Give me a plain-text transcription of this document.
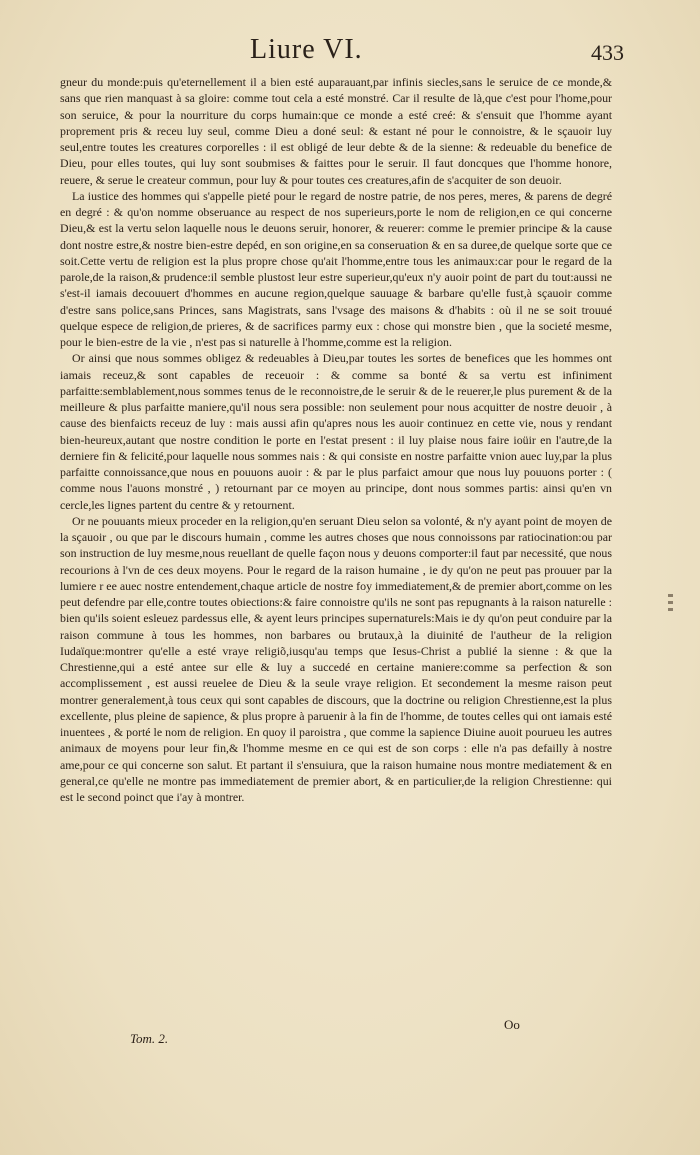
Liure VI.	433

gneur du monde:puis qu'eternellement il a bien esté auparauant,par infinis siecles,sans le seruice de ce monde,& sans que rien manquast à sa gloire: comme tout cela a esté monstré. Car il resulte de là,que c'est pour l'home,pour son seruice, & pour la nourriture du corps humain:que ce monde a esté creé: & s'ensuit que l'homme ayant proprement pris & receu luy seul, comme Dieu a doné seul: & estant né pour le connoistre, & le sçauoir luy seul,entre toutes les creatures corporelles : il est obligé de leur debte & de la sienne: & redeuable du benefice de Dieu, pour elles toutes, qui luy sont soubmises & faittes pour le seruir. Il faut doncques que l'homme honore, reuere, & serue le createur commun, pour luy & pour toutes ces creatures,afin de s'acquiter de son deuoir.

La iustice des hommes qui s'appelle pieté pour le regard de nostre patrie, de nos peres, meres, & parens de degré en degré : & qu'on nomme obseruance au respect de nos superieurs,porte le nom de religion,en ce qui concerne Dieu,& est la vertu selon laquelle nous le deuons seruir, honorer, & reuerer: comme le premier principe & la cause dont nostre estre,& nostre bien-estre depéd, en son origine,en sa conseruation & en sa duree,de quelque sorte que ce soit.Cette vertu de religion est la plus propre chose qu'ait l'homme,entre tous les animaux:car pour le regard de la parole,de la raison,& prudence:il semble plustost leur estre superieur,qu'eux n'y auoir point de part du tout:aussi ne s'est-il iamais decouuert d'hommes en aucune region,quelque sauuage & barbare qu'elle fust,à sçauoir comme d'estre sans police,sans Princes, sans Magistrats, sans l'vsage des maisons & d'habits : où il ne se soit trouué quelque espece de religion,de prieres, & de sacrifices parmy eux : chose qui monstre bien , que la societé mesme, pour le bien-estre de la vie , n'est pas si naturelle à l'homme,comme est la religion.

Or ainsi que nous sommes obligez & redeuables à Dieu,par toutes les sortes de benefices que les hommes ont iamais receuz,& sont capables de receuoir : & comme sa bonté & sa vertu est infiniment parfaitte:semblablement,nous sommes tenus de le reconnoistre,de le seruir & de le reuerer,le plus purement & de la meilleure & plus parfaitte maniere,qu'il nous sera possible: non seulement pour nous acquitter de nostre deuoir , à cause des bienfaicts receuz de luy : mais aussi afin qu'apres nous les auoir continuez en cette vie, nous y rendant bien-heureux,autant que nostre condition le porte en l'estat present : il luy plaise nous faire ioüir en l'autre,de la derniere fin & felicité,pour laquelle nous sommes nais : & qui consiste en nostre parfaitte vnion auec luy,par la plus parfaitte connoissance,que nous en pouuons auoir : & par le plus parfaict amour que nous luy pouuons porter : ( comme nous l'auons monstré , ) retournant par ce moyen au principe, dont nous sommes partis: ainsi qu'en vn cercle,les lignes partent du centre & y retournent.

Or ne pouuants mieux proceder en la religion,qu'en seruant Dieu selon sa volonté, & n'y ayant point de moyen de la sçauoir , ou que par le discours humain , comme les autres choses que nous connoissons par ratiocination:ou par son instruction de luy mesme,nous reuellant de quelle façon nous y deuons comporter:il faut par necessité, que nous recourions à l'vn de ces deux moyens. Pour le regard de la raison humaine , ie dy qu'on ne peut pas prouuer par la lumiere r ee auec nostre entendement,chaque article de nostre foy immediatement,& de premier abort,comme on les peut defendre par elle,contre toutes obiections:& faire connoistre qu'ils ne sont pas repugnants à la raison naturelle : bien qu'ils soient esleuez pardessus elle, & ayent leurs principes supernaturels:Mais ie dy qu'on peut conduire par la raison commune à tous les hommes, non barbares ou brutaux,à la diuinité de l'autheur de la religion Iudaïque:montrer qu'elle a esté vraye religiõ,iusqu'au temps que Iesus-Christ a publié la sienne : & que la Chrestienne,qui a esté antee sur elle & luy a succedé en certaine maniere:comme sa perfection & son accomplissement , est aussi reuelee de Dieu & la seule vraye religion. Et secondement la mesme raison peut montrer generalement,à tous ceux qui sont capables de discours, que la doctrine ou religion Chrestienne,est la plus excellente, plus pleine de sapience, & plus propre à paruenir à la fin de l'homme, de toutes celles qui ont iamais esté inuentees , & porté le nom de religion. En quoy il paroistra , que comme la sapience Diuine auoit pourueu les autres animaux de moyens pour leur fin,& l'homme mesme en ce qui est de son corps : elle n'a pas defailly à nostre ame,pour ce qui concerne son salut. Et partant il s'ensuiura, que la raison humaine nous montre mediatement & en general,ce qu'elle ne montre pas immediatement de premier abort, & en particulier,de la religion Chrestienne: qui est le second poinct que i'ay à montrer.

Oo
Tom. 2.
